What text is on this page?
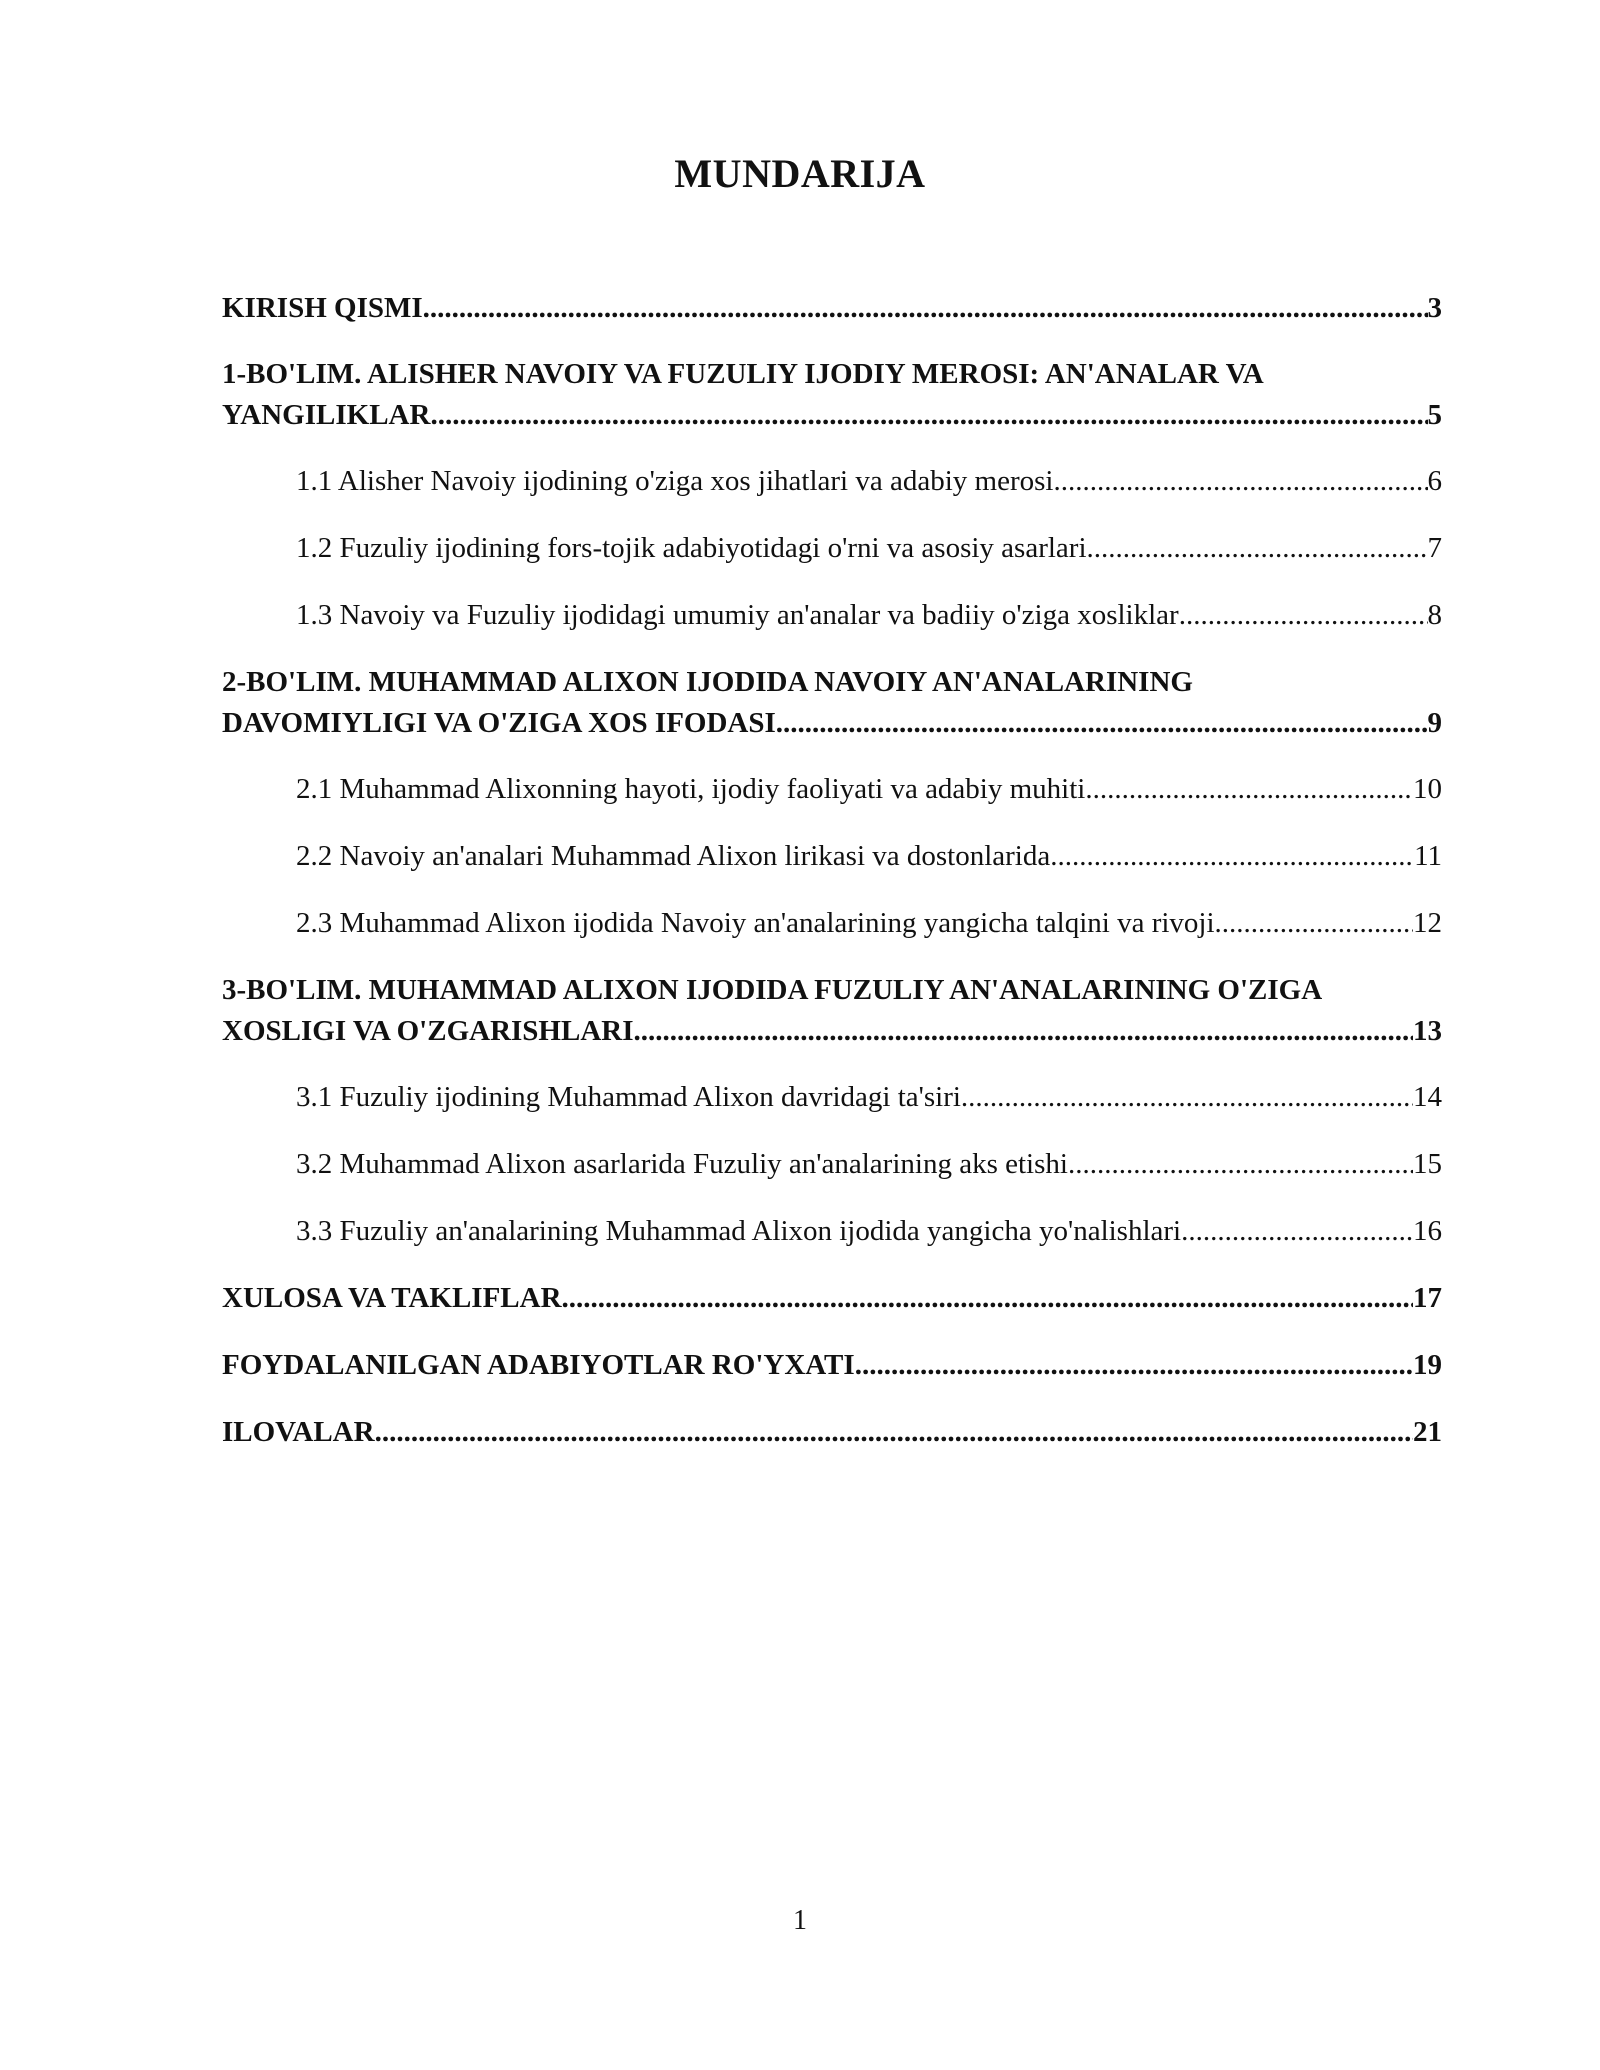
MUNDARIJA
KIRISH QISMI .....	3
1-BO'LIM. ALISHER NAVOIY VA FUZULIY IJODIY MEROSI: AN'ANALAR VA
YANGILIKLAR .....	5
1.1 Alisher Navoiy ijodining o'ziga xos jihatlari va adabiy merosi .....	6
1.2 Fuzuliy ijodining fors-tojik adabiyotidagi o'rni va asosiy asarlari .....	7
1.3 Navoiy va Fuzuliy ijodidagi umumiy an'analar va badiiy o'ziga xosliklar .....	8
2-BO'LIM. MUHAMMAD ALIXON IJODIDA NAVOIY AN'ANALARINING
DAVOMIYLIGI VA O'ZIGA XOS IFODASI .....	9
2.1 Muhammad Alixonning hayoti, ijodiy faoliyati va adabiy muhiti .....	10
2.2 Navoiy an'analari Muhammad Alixon lirikasi va dostonlarida .....	11
2.3 Muhammad Alixon ijodida Navoiy an'analarining yangicha talqini va rivoji .....	12
3-BO'LIM. MUHAMMAD ALIXON IJODIDA FUZULIY AN'ANALARINING O'ZIGA
XOSLIGI VA O'ZGARISHLARI .....	13
3.1 Fuzuliy ijodining Muhammad Alixon davridagi ta'siri .....	14
3.2 Muhammad Alixon asarlarida Fuzuliy an'analarining aks etishi .....	15
3.3 Fuzuliy an'analarining Muhammad Alixon ijodida yangicha yo'nalishlari .....	16
XULOSA VA TAKLIFLAR .....	17
FOYDALANILGAN ADABIYOTLAR RO'YXATI .....	19
ILOVALAR .....	21
1
